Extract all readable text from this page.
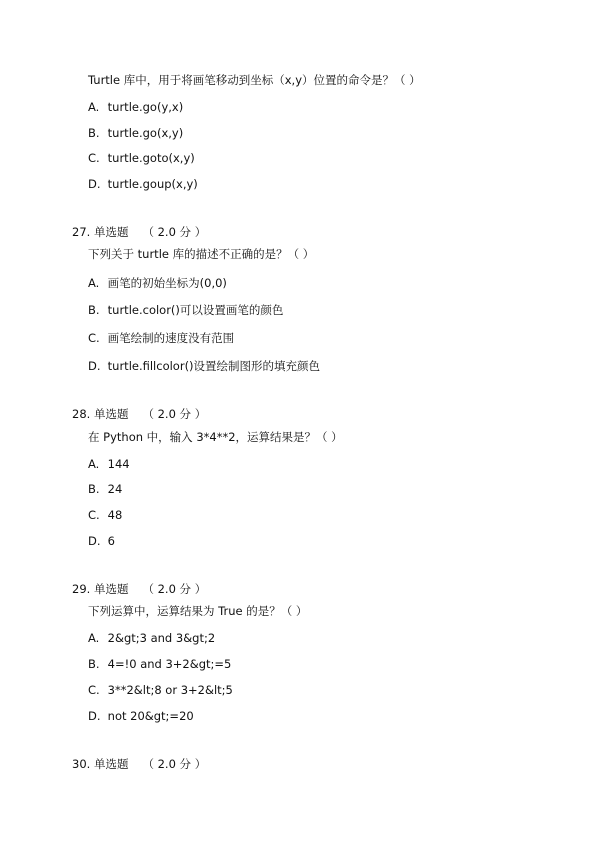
Turtle 库中，用于将画笔移动到坐标（x,y）位置的命令是？（ ）
A. turtle.go(y,x)
B. turtle.go(x,y)
C. turtle.goto(x,y)
D. turtle.goup(x,y)
27. 单选题 （ 2.0 分 ）
下列关于 turtle 库的描述不正确的是？（ ）
A. 画笔的初始坐标为(0,0)
B. turtle.color()可以设置画笔的颜色
C. 画笔绘制的速度没有范围
D. turtle.fillcolor()设置绘制图形的填充颜色
28. 单选题 （ 2.0 分 ）
在 Python 中，输入 3*4**2，运算结果是？（ ）
A. 144
B. 24
C. 48
D. 6
29. 单选题 （ 2.0 分 ）
下列运算中，运算结果为 True 的是？（ ）
A. 2&gt;3 and 3&gt;2
B. 4=!0 and 3+2&gt;=5
C. 3**2&lt;8 or 3+2&lt;5
D. not 20&gt;=20
30. 单选题 （ 2.0 分 ）
